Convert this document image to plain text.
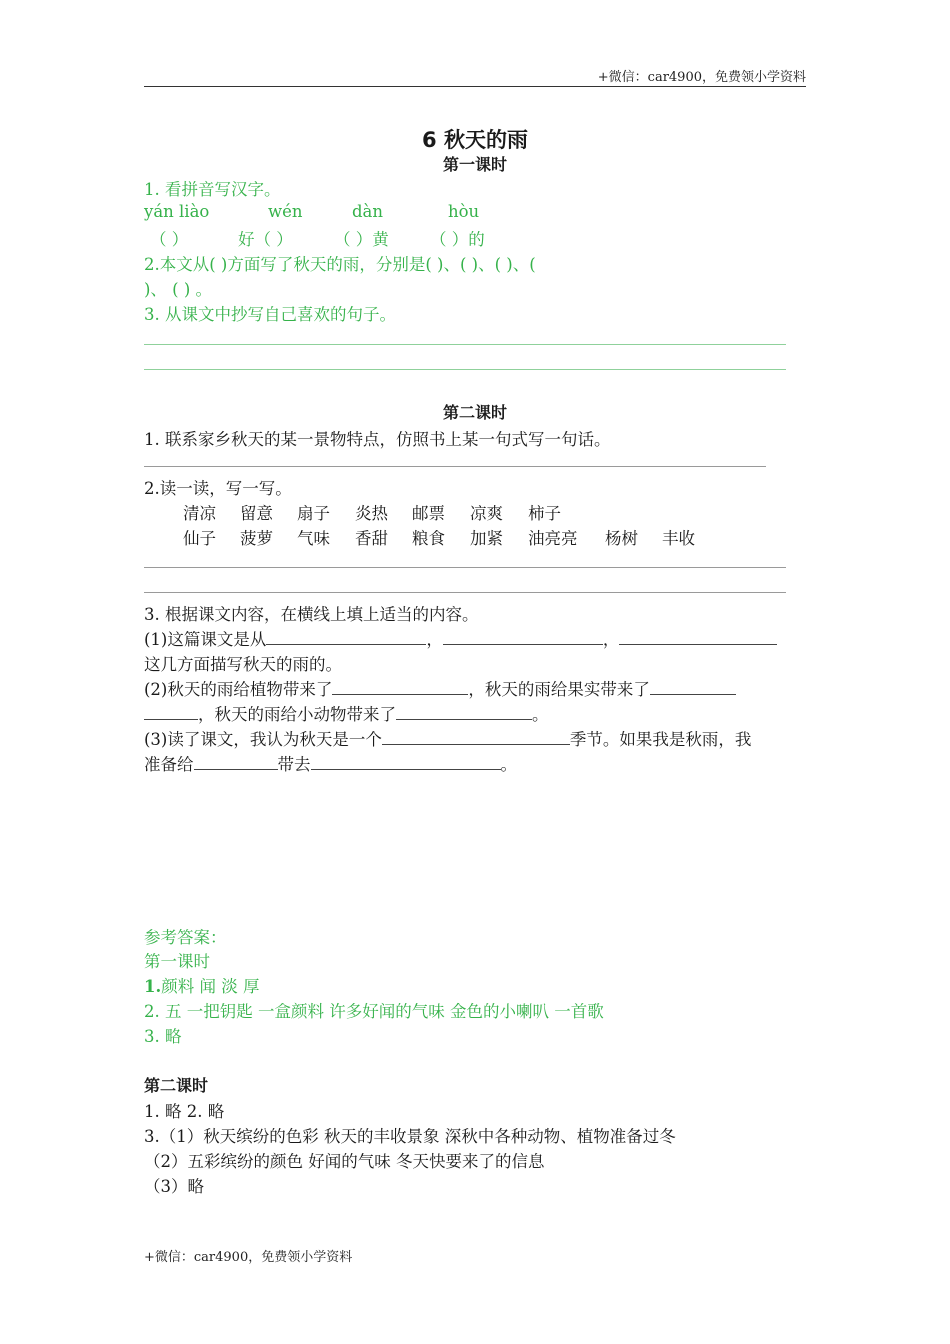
+微信：car4900，免费领小学资料
6 秋天的雨
第一课时
1. 看拼音写汉字。
yán liào	wén	dàn	hòu
（ ）	好（ ）	（ ）黄	（ ）的
2.本文从( )方面写了秋天的雨，分别是( )、( )、( )、(
)、 ( ) 。
3. 从课文中抄写自己喜欢的句子。
第二课时
1. 联系家乡秋天的某一景物特点，仿照书上某一句式写一句话。
2.读一读，写一写。
清凉	留意	扇子	炎热	邮票	凉爽	柿子
仙子	菠萝	气味	香甜	粮食	加紧	油亮亮	杨树	丰收
3. 根据课文内容，在横线上填上适当的内容。
(1)这篇课文是从	，	，
这几方面描写秋天的雨的。
(2)秋天的雨给植物带来了	，秋天的雨给果实带来了
，秋天的雨给小动物带来了	。
(3)读了课文，我认为秋天是一个	季节。如果我是秋雨，我
准备给	带去	。
参考答案：
第一课时
1.颜料 闻 淡 厚
2. 五 一把钥匙 一盒颜料 许多好闻的气味 金色的小喇叭 一首歌
3. 略
第二课时
1. 略 2. 略
3.（1）秋天缤纷的色彩 秋天的丰收景象 深秋中各种动物、植物准备过冬
（2）五彩缤纷的颜色 好闻的气味 冬天快要来了的信息
（3）略
+微信：car4900，免费领小学资料
